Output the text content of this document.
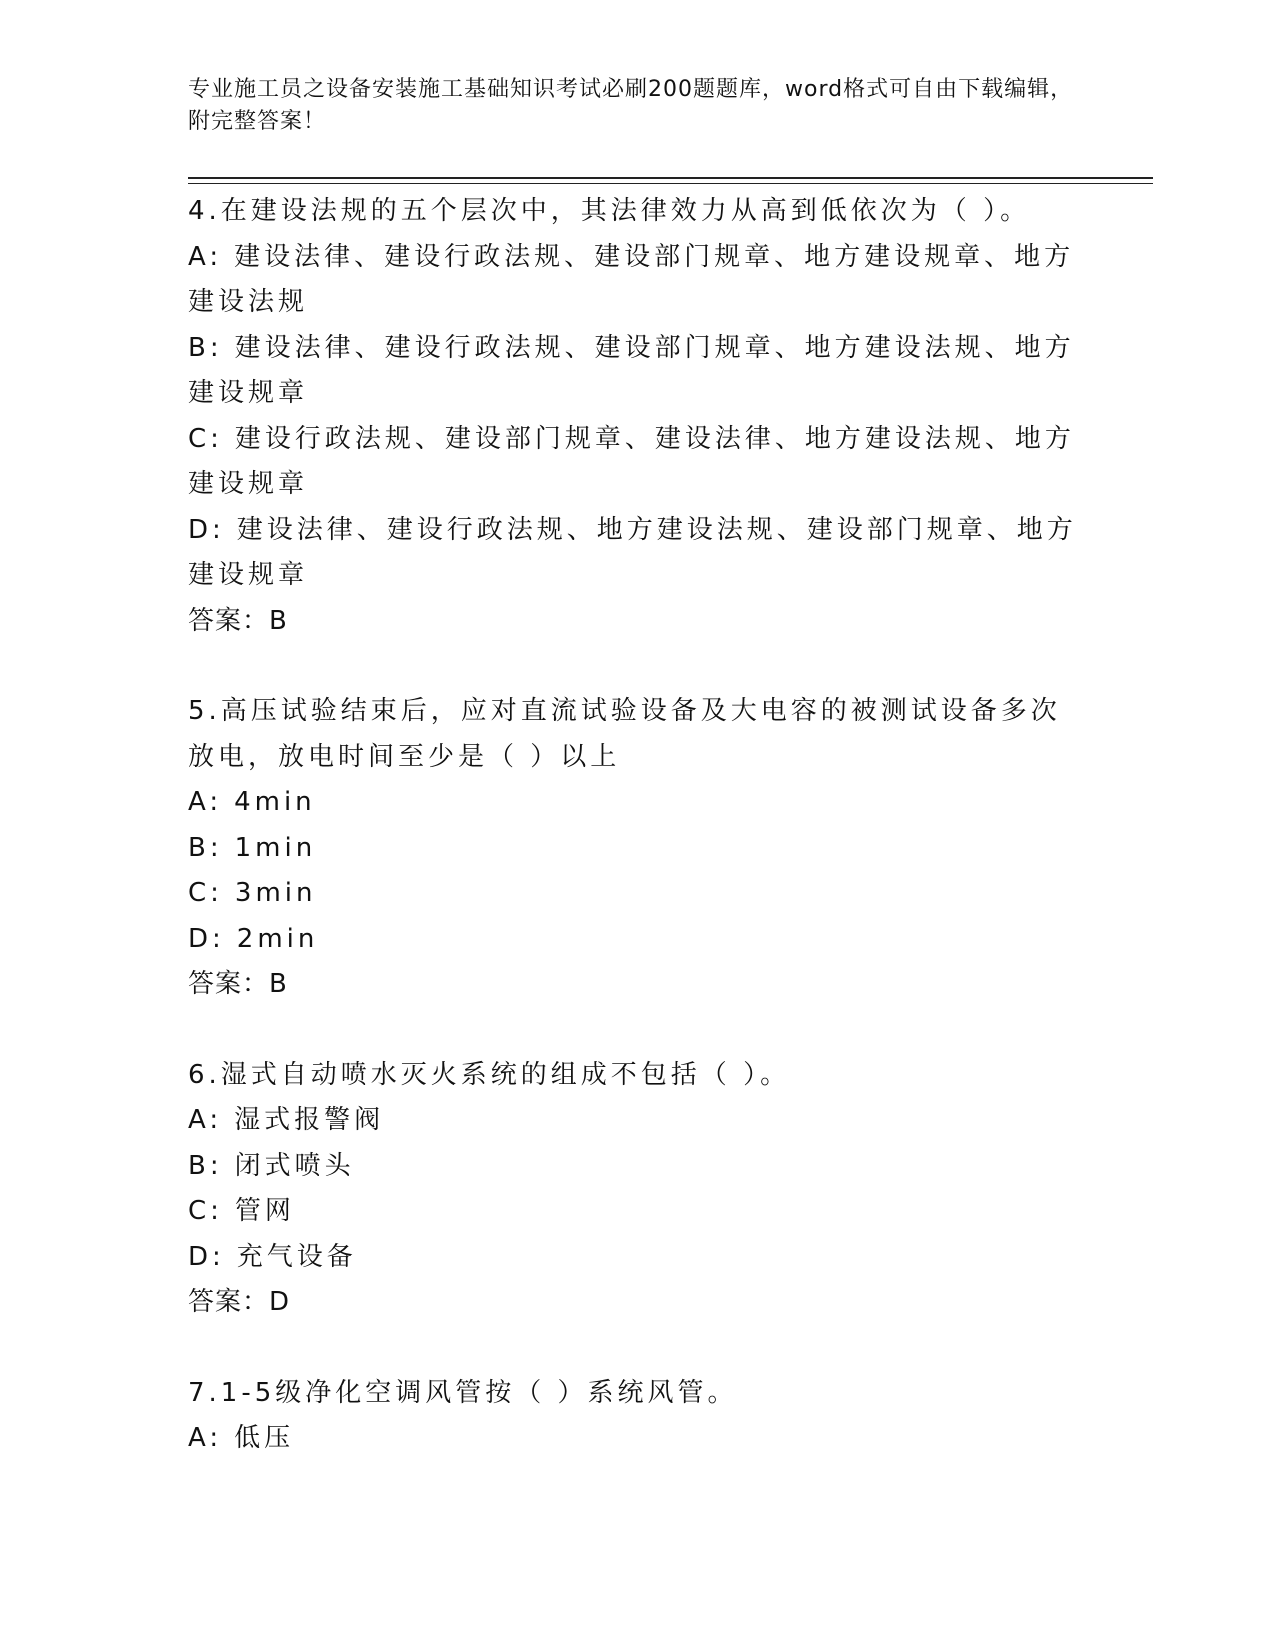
专业施工员之设备安装施工基础知识考试必刷200题题库，word格式可自由下载编辑，附完整答案！

4.在建设法规的五个层次中，其法律效力从高到低依次为（ ）。

A: 建设法律、建设行政法规、建设部门规章、地方建设规章、地方建设法规

B: 建设法律、建设行政法规、建设部门规章、地方建设法规、地方建设规章

C: 建设行政法规、建设部门规章、建设法律、地方建设法规、地方建设规章

D: 建设法律、建设行政法规、地方建设法规、建设部门规章、地方建设规章

答案：B

5.高压试验结束后，应对直流试验设备及大电容的被测试设备多次放电，放电时间至少是（ ）以上

A: 4min

B: 1min

C: 3min

D: 2min

答案：B

6.湿式自动喷水灭火系统的组成不包括（ ）。

A: 湿式报警阀

B: 闭式喷头

C: 管网

D: 充气设备

答案：D

7.1-5级净化空调风管按（ ）系统风管。

A: 低压
